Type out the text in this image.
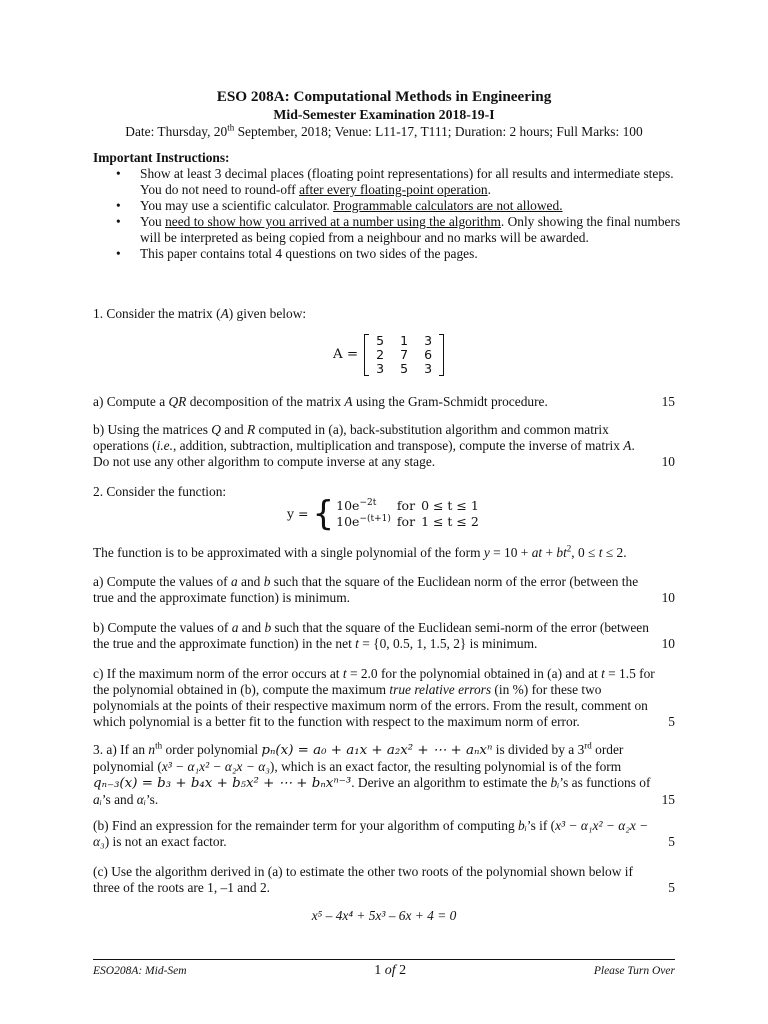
ESO 208A: Computational Methods in Engineering
Mid-Semester Examination 2018-19-I
Date: Thursday, 20th September, 2018; Venue: L11-17, T111; Duration: 2 hours; Full Marks: 100
Important Instructions:
• Show at least 3 decimal places (floating point representations) for all results and intermediate steps. You do not need to round-off after every floating-point operation.
• You may use a scientific calculator. Programmable calculators are not allowed.
• You need to show how you arrived at a number using the algorithm. Only showing the final numbers will be interpreted as being copied from a neighbour and no marks will be awarded.
• This paper contains total 4 questions on two sides of the pages.
1. Consider the matrix (A) given below:
A =
5	1	3
2	7	6
3	5	3
a) Compute a QR decomposition of the matrix A using the Gram-Schmidt procedure.	15
b) Using the matrices Q and R computed in (a), back-substitution algorithm and common matrix operations (i.e., addition, subtraction, multiplication and transpose), compute the inverse of matrix A. Do not use any other algorithm to compute inverse at any stage.	10
2. Consider the function:
y = { $10e^{-2t}$	for	0 ≤ t ≤ 1
$10e^{-(t+1)}$	for	1 ≤ t ≤ 2
The function is to be approximated with a single polynomial of the form y = 10 + at + $bt^2$, 0 ≤ t ≤ 2.
a) Compute the values of a and b such that the square of the Euclidean norm of the error (between the true and the approximate function) is minimum.	10
b) Compute the values of a and b such that the square of the Euclidean semi-norm of the error (between the true and the approximate function) in the net t = {0, 0.5, 1, 1.5, 2} is minimum.	10
c) If the maximum norm of the error occurs at t = 2.0 for the polynomial obtained in (a) and at t = 1.5 for the polynomial obtained in (b), compute the maximum true relative errors (in %) for these two polynomials at the points of their respective maximum norm of the errors. From the result, comment on which polynomial is a better fit to the function with respect to the maximum norm of error.	5
3. a) If an $n^{th}$ order polynomial pₙ(x) = a₀ + a₁x + a₂x² + ⋯ + aₙxⁿ is divided by a 3rd order polynomial (x³ − α₁x² − α₂x − α₃), which is an exact factor, the resulting polynomial is of the form qₙ₋₃(x) = b₃ + b₄x + b₅x² + ⋯ + bₙxⁿ⁻³. Derive an algorithm to estimate the bᵢ’s as functions of aᵢ’s and αᵢ’s.	15
(b) Find an expression for the remainder term for your algorithm of computing bᵢ’s if (x³ − α₁x² − α₂x − α₃) is not an exact factor.	5
(c) Use the algorithm derived in (a) to estimate the other two roots of the polynomial shown below if three of the roots are 1, –1 and 2.	5
x⁵ – 4x⁴ + 5x³ – 6x + 4 = 0
ESO208A: Mid-Sem	1 of 2	Please Turn Over
